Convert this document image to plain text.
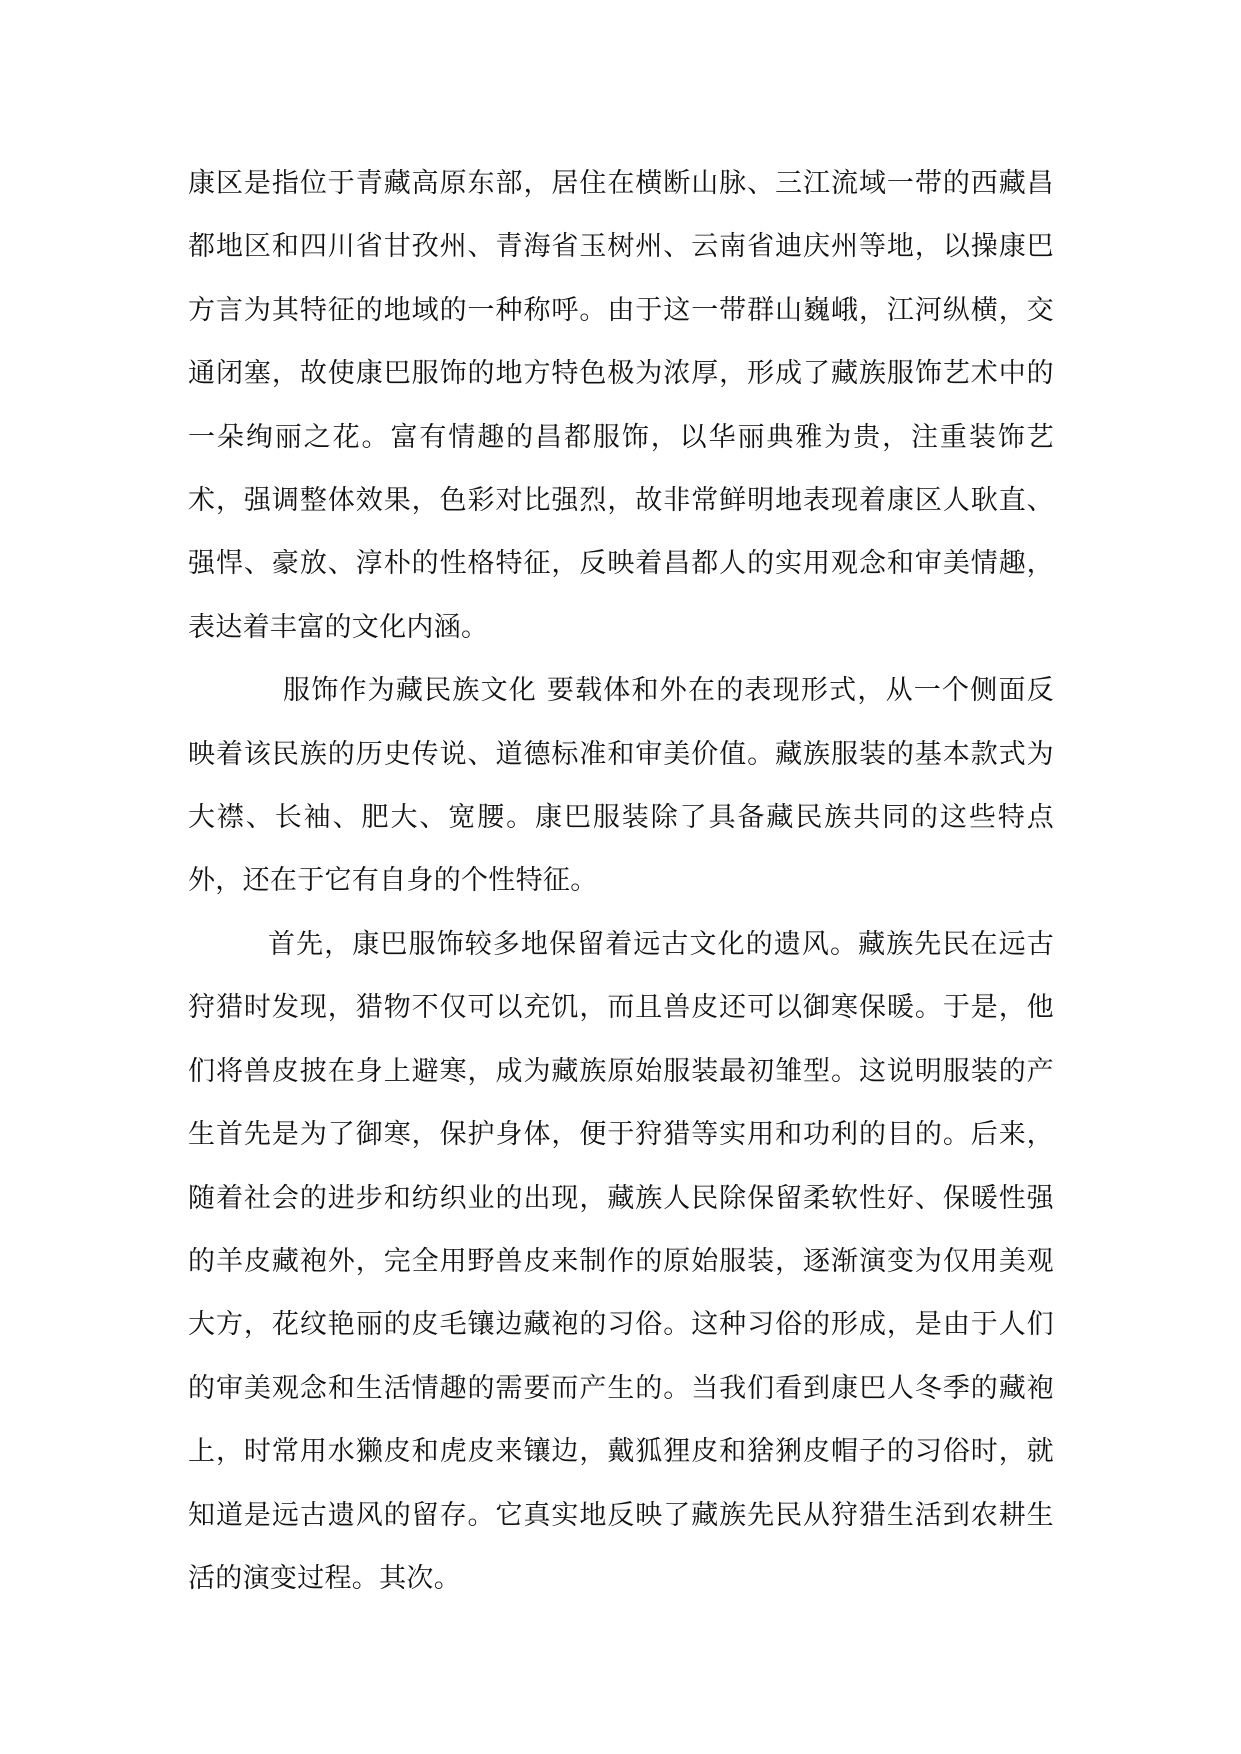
康区是指位于青藏高原东部，居住在横断山脉、三江流域一带的西藏昌都地区和四川省甘孜州、青海省玉树州、云南省迪庆州等地，以操康巴方言为其特征的地域的一种称呼。由于这一带群山巍峨，江河纵横，交通闭塞，故使康巴服饰的地方特色极为浓厚，形成了藏族服饰艺术中的一朵绚丽之花。富有情趣的昌都服饰，以华丽典雅为贵，注重装饰艺术，强调整体效果，色彩对比强烈，故非常鲜明地表现着康区人耿直、强悍、豪放、淳朴的性格特征，反映着昌都人的实用观念和审美情趣，表达着丰富的文化内涵。

服饰作为藏民族文化 要载体和外在的表现形式，从一个侧面反映着该民族的历史传说、道德标准和审美价值。藏族服装的基本款式为大襟、长袖、肥大、宽腰。康巴服装除了具备藏民族共同的这些特点外，还在于它有自身的个性特征。

首先，康巴服饰较多地保留着远古文化的遗风。藏族先民在远古狩猎时发现，猎物不仅可以充饥，而且兽皮还可以御寒保暖。于是，他们将兽皮披在身上避寒，成为藏族原始服装最初雏型。这说明服装的产生首先是为了御寒，保护身体，便于狩猎等实用和功利的目的。后来，随着社会的进步和纺织业的出现，藏族人民除保留柔软性好、保暖性强的羊皮藏袍外，完全用野兽皮来制作的原始服装，逐渐演变为仅用美观大方，花纹艳丽的皮毛镶边藏袍的习俗。这种习俗的形成，是由于人们的审美观念和生活情趣的需要而产生的。当我们看到康巴人冬季的藏袍上，时常用水獭皮和虎皮来镶边，戴狐狸皮和猞猁皮帽子的习俗时，就知道是远古遗风的留存。它真实地反映了藏族先民从狩猎生活到农耕生活的演变过程。其次。
